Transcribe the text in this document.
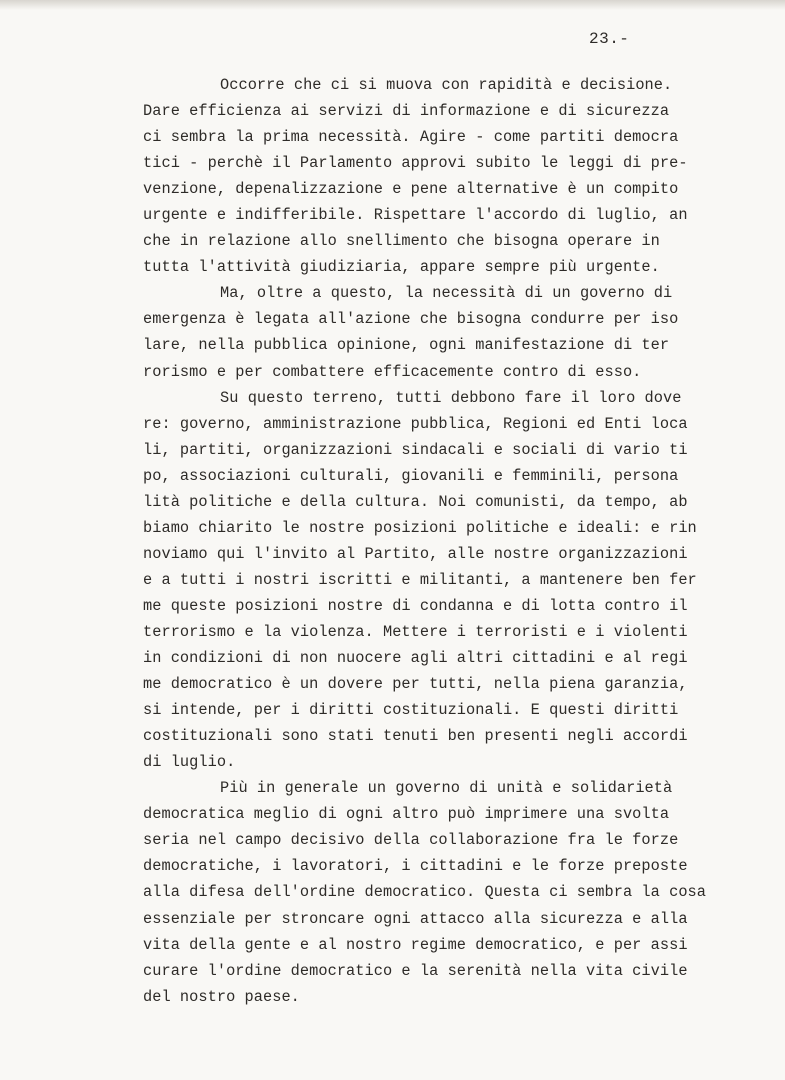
23.-
Occorre che ci si muova con rapidità e decisione.
Dare efficienza ai servizi di informazione e di sicurezza
ci sembra la prima necessità. Agire - come partiti democra
tici - perchè il Parlamento approvi subito le leggi di pre-
venzione, depenalizzazione e pene alternative è un compito
urgente e indifferibile. Rispettare l'accordo di luglio, an
che in relazione allo snellimento che bisogna operare in
tutta l'attività giudiziaria, appare sempre più urgente.
Ma, oltre a questo, la necessità di un governo di
emergenza è legata all'azione che bisogna condurre per iso
lare, nella pubblica opinione, ogni manifestazione di ter
rorismo e per combattere efficacemente contro di esso.
Su questo terreno, tutti debbono fare il loro dove
re: governo, amministrazione pubblica, Regioni ed Enti loca
li, partiti, organizzazioni sindacali e sociali di vario ti
po, associazioni culturali, giovanili e femminili, persona
lità politiche e della cultura. Noi comunisti, da tempo, ab
biamo chiarito le nostre posizioni politiche e ideali: e rin
noviamo qui l'invito al Partito, alle nostre organizzazioni
e a tutti i nostri iscritti e militanti, a mantenere ben fer
me queste posizioni nostre di condanna e di lotta contro il
terrorismo e la violenza. Mettere i terroristi e i violenti
in condizioni di non nuocere agli altri cittadini e al regi
me democratico è un dovere per tutti, nella piena garanzia,
si intende, per i diritti costituzionali. E questi diritti
costituzionali sono stati tenuti ben presenti negli accordi
di luglio.
Più in generale un governo di unità e solidarietà
democratica meglio di ogni altro può imprimere una svolta
seria nel campo decisivo della collaborazione fra le forze
democratiche, i lavoratori, i cittadini e le forze preposte
alla difesa dell'ordine democratico. Questa ci sembra la cosa
essenziale per stroncare ogni attacco alla sicurezza e alla
vita della gente e al nostro regime democratico, e per assi
curare l'ordine democratico e la serenità nella vita civile
del nostro paese.
